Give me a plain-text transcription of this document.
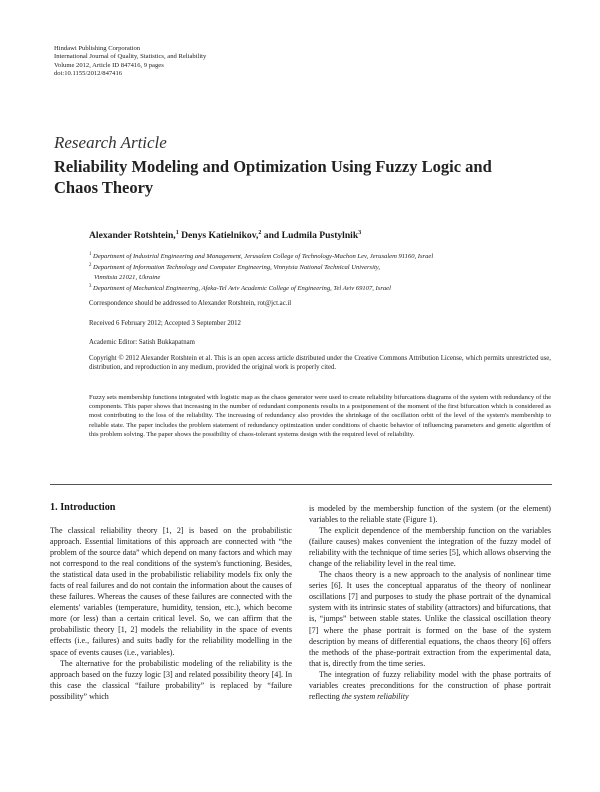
Hindawi Publishing Corporation
International Journal of Quality, Statistics, and Reliability
Volume 2012, Article ID 847416, 9 pages
doi:10.1155/2012/847416
Research Article
Reliability Modeling and Optimization Using Fuzzy Logic and Chaos Theory
Alexander Rotshtein,$^1$ Denys Katielnikov,$^2$ and Ludmila Pustylnik$^3$
$^1$ Department of Industrial Engineering and Management, Jerusalem College of Technology-Machon Lev, Jerusalem 91160, Israel
$^2$ Department of Information Technology and Computer Engineering, Vinnytsia National Technical University,
Vinnitsia 21021, Ukraine
$^3$ Department of Mechanical Engineering, Afeka-Tel Aviv Academic College of Engineering, Tel Aviv 69107, Israel
Correspondence should be addressed to Alexander Rotshtein, rot@jct.ac.il
Received 6 February 2012; Accepted 3 September 2012
Academic Editor: Satish Bukkapatnam
Copyright © 2012 Alexander Rotshtein et al. This is an open access article distributed under the Creative Commons Attribution License, which permits unrestricted use, distribution, and reproduction in any medium, provided the original work is properly cited.
Fuzzy sets membership functions integrated with logistic map as the chaos generator were used to create reliability bifurcations diagrams of the system with redundancy of the components. This paper shows that increasing in the number of redundant components results in a postponement of the moment of the first bifurcation which is considered as most contributing to the loss of the reliability. The increasing of redundancy also provides the shrinkage of the oscillation orbit of the level of the system's membership to reliable state. The paper includes the problem statement of redundancy optimization under conditions of chaotic behavior of influencing parameters and genetic algorithm of this problem solving. The paper shows the possibility of chaos-tolerant systems design with the required level of reliability.
1. Introduction

The classical reliability theory [1, 2] is based on the probabilistic approach. Essential limitations of this approach are connected with “the problem of the source data” which depend on many factors and which may not correspond to the real conditions of the system's functioning. Besides, the statistical data used in the probabilistic reliability models fix only the facts of real failures and do not contain the information about the causes of these failures. Whereas the causes of these failures are connected with the elements' variables (temperature, humidity, tension, etc.), which become more (or less) than a certain critical level. So, we can affirm that the probabilistic theory [1, 2] models the reliability in the space of events effects (i.e., failures) and suits badly for the reliability modelling in the space of events causes (i.e., variables).

The alternative for the probabilistic modeling of the reliability is the approach based on the fuzzy logic [3] and related possibility theory [4]. In this case the classical “failure probability” is replaced by “failure possibility” which

is modeled by the membership function of the system (or the element) variables to the reliable state (Figure 1).

The explicit dependence of the membership function on the variables (failure causes) makes convenient the integration of the fuzzy model of reliability with the technique of time series [5], which allows observing the change of the reliability level in the real time.

The chaos theory is a new approach to the analysis of nonlinear time series [6]. It uses the conceptual apparatus of the theory of nonlinear oscillations [7] and purposes to study the phase portrait of the dynamical system with its intrinsic states of stability (attractors) and bifurcations, that is, “jumps” between stable states. Unlike the classical oscillation theory [7] where the phase portrait is formed on the base of the system description by means of differential equations, the chaos theory [6] offers the methods of the phase-portrait extraction from the experimental data, that is, directly from the time series.

The integration of fuzzy reliability model with the phase portraits of variables creates preconditions for the construction of phase portrait reflecting the system reliability
